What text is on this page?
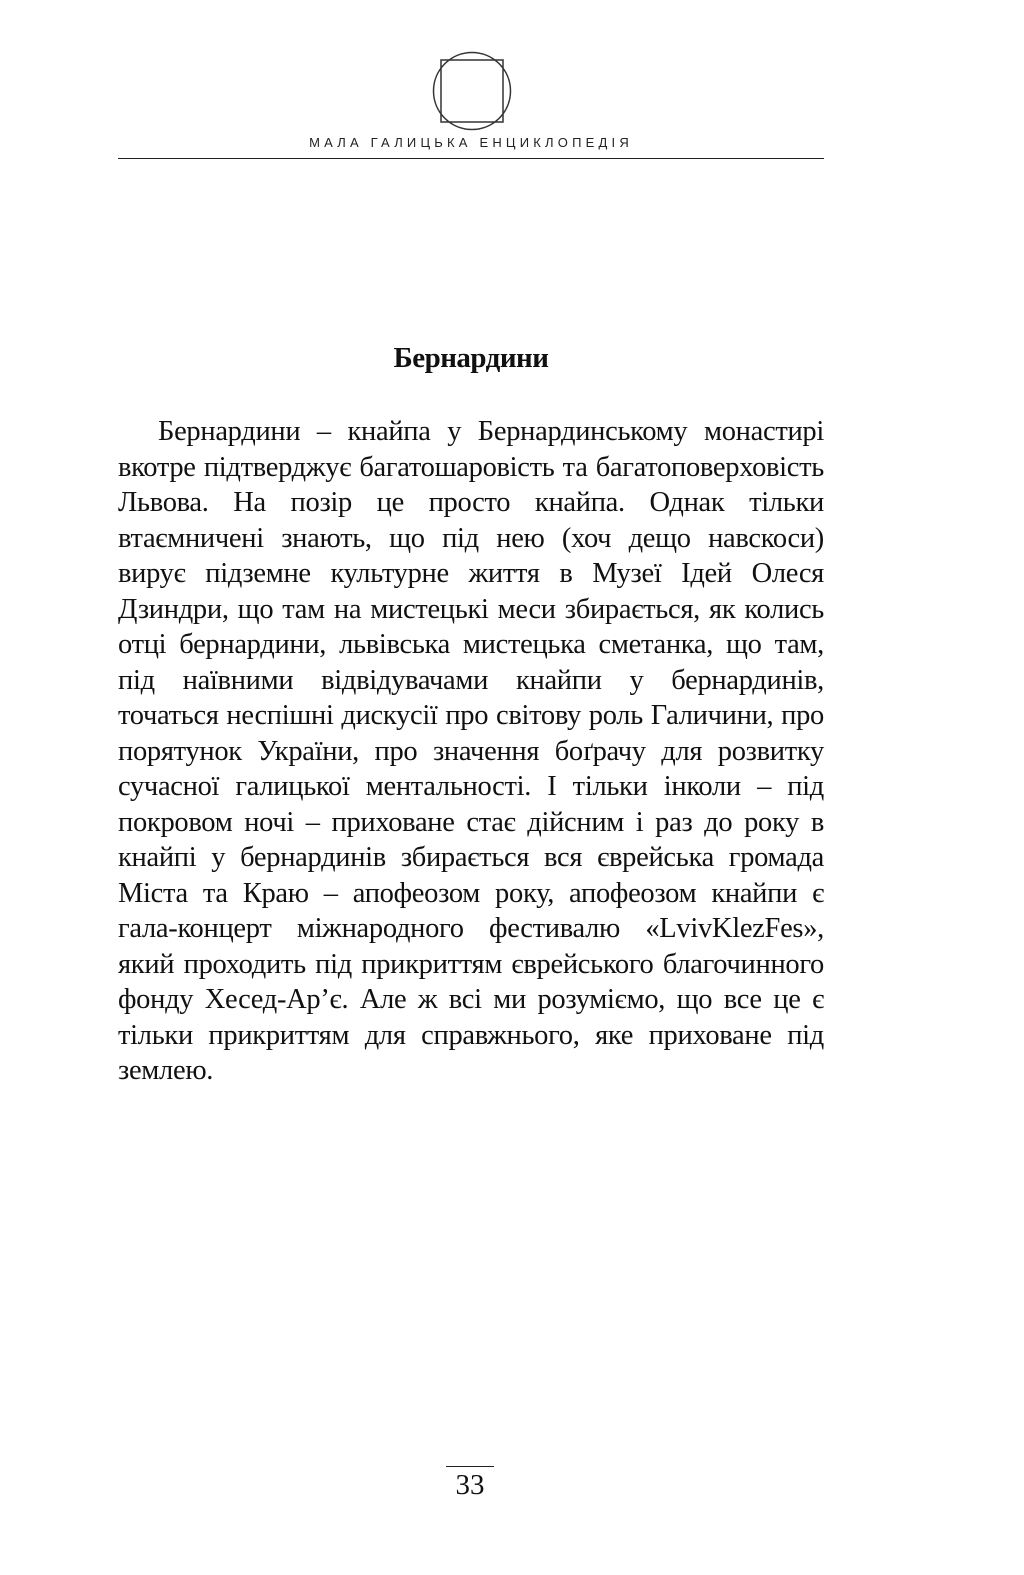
МАЛА ГАЛИЦЬКА ЕНЦИКЛОПЕДІЯ
Бернардини

Бернардини – кнайпа у Бернардинському монастирі вкотре підтверджує багатошаровість та багатоповерховість Львова. На позір це просто кнайпа. Однак тільки втаємничені знають, що під нею (хоч дещо навскоси) вирує підземне культурне життя в Музеї Ідей Олеся Дзиндри, що там на мистецькі меси збирається, як колись отці бернардини, львівська мистецька сметанка, що там, під наївними відвідувачами кнайпи у бернардинів, точаться неспішні дискусії про світову роль Галичини, про порятунок України, про значення боґрачу для розвитку сучасної галицької ментальності. І тільки інколи – під покровом ночі – приховане стає дійсним і раз до року в кнайпі у бернардинів збирається вся єврейська громада Міста та Краю – апофеозом року, апофеозом кнайпи є гала-концерт міжнародного фестивалю «LvivKlezFes», який проходить під прикриттям єврейського благочинного фонду Хесед-Ар’є. Але ж всі ми розуміємо, що все це є тільки прикриттям для справжнього, яке приховане під землею.

33
